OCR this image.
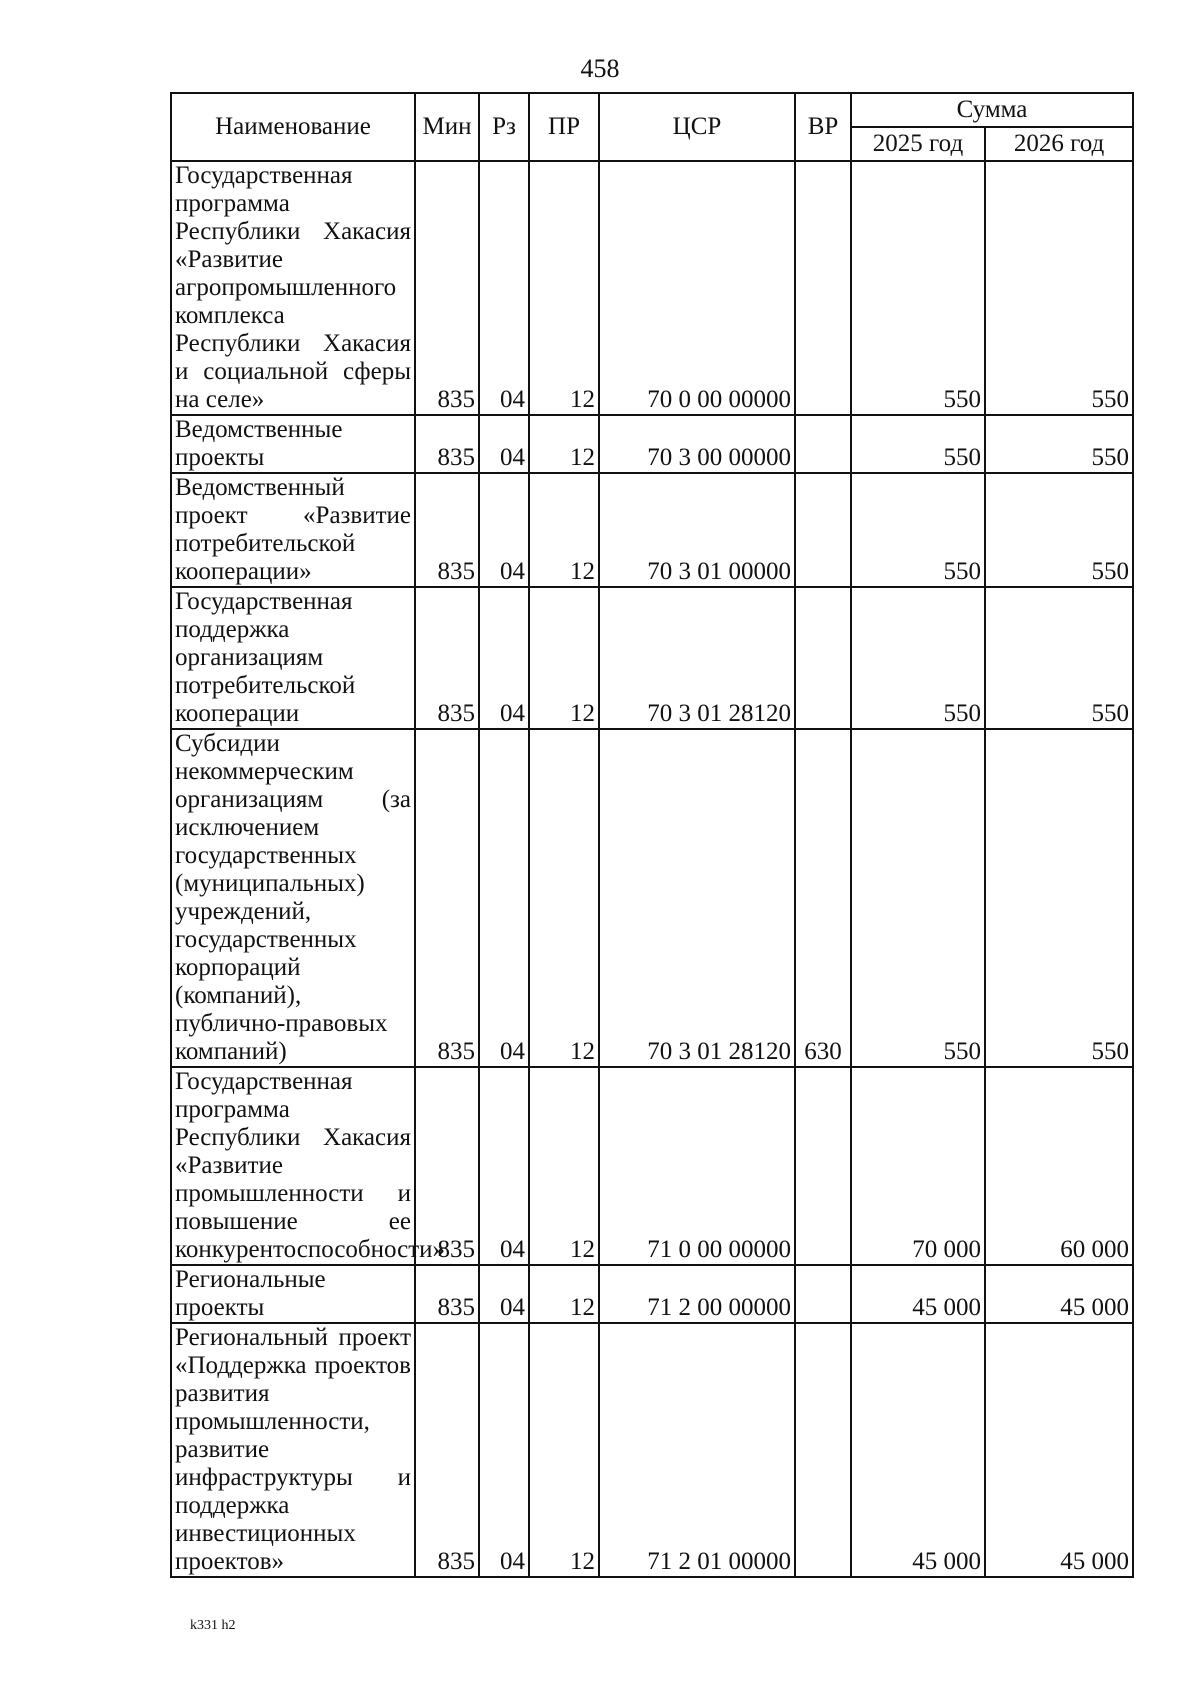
458
Наименование	Мин	Рз	ПР	ЦСР	ВР	Сумма	
						2025 год	2026 год
Государственная программа Республики Хакасия «Развитие агропромышленного комплекса Республики Хакасия и социальной сферы на селе»	835	04	12	70 0 00 00000		550	550
Ведомственные проекты	835	04	12	70 3 00 00000		550	550
Ведомственный проект «Развитие потребительской кооперации»	835	04	12	70 3 01 00000		550	550
Государственная поддержка организациям потребительской кооперации	835	04	12	70 3 01 28120		550	550
Субсидии некоммерческим организациям (за исключением государственных (муниципальных) учреждений, государственных корпораций (компаний), публично-правовых компаний)	835	04	12	70 3 01 28120	630	550	550
Государственная программа Республики Хакасия «Развитие промышленности и повышение ее конкурентоспособности»	835	04	12	71 0 00 00000		70 000	60 000
Региональные проекты	835	04	12	71 2 00 00000		45 000	45 000
Региональный проект «Поддержка проектов развития промышленности, развитие инфраструктуры и поддержка инвестиционных проектов»	835	04	12	71 2 01 00000		45 000	45 000
k331 h2
